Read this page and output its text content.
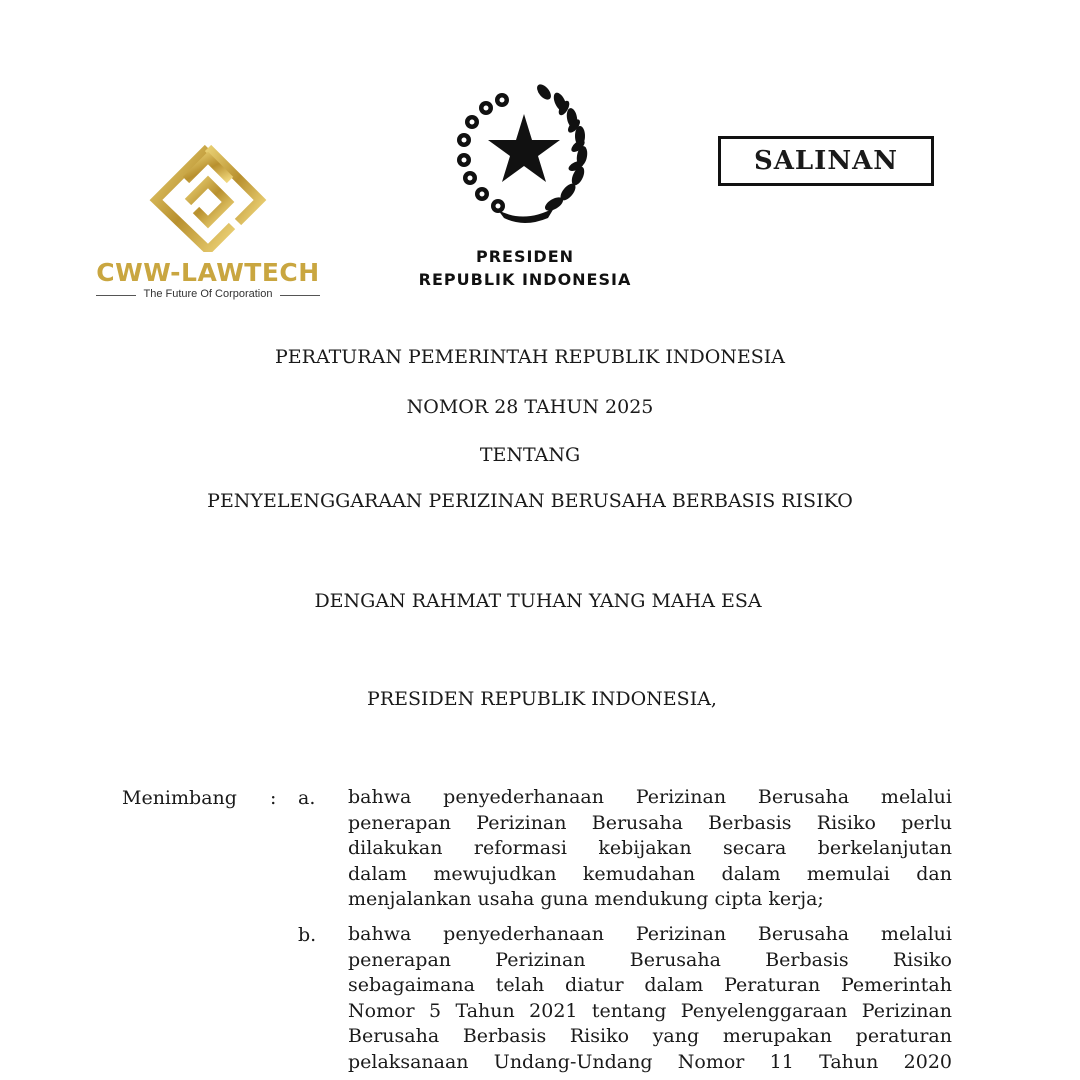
CWW-LAWTECH
The Future Of Corporation
PRESIDEN
REPUBLIK INDONESIA
SALINAN
PERATURAN PEMERINTAH REPUBLIK INDONESIA
NOMOR 28 TAHUN 2025
TENTANG
PENYELENGGARAAN PERIZINAN BERUSAHA BERBASIS RISIKO
DENGAN RAHMAT TUHAN YANG MAHA ESA
PRESIDEN REPUBLIK INDONESIA,
Menimbang : a. bahwa penyederhanaan Perizinan Berusaha melalui
penerapan Perizinan Berusaha Berbasis Risiko perlu
dilakukan reformasi kebijakan secara berkelanjutan
dalam mewujudkan kemudahan dalam memulai dan
menjalankan usaha guna mendukung cipta kerja;
b. bahwa penyederhanaan Perizinan Berusaha melalui
penerapan Perizinan Berusaha Berbasis Risiko
sebagaimana telah diatur dalam Peraturan Pemerintah
Nomor 5 Tahun 2021 tentang Penyelenggaraan Perizinan
Berusaha Berbasis Risiko yang merupakan peraturan
pelaksanaan Undang-Undang Nomor 11 Tahun 2020
